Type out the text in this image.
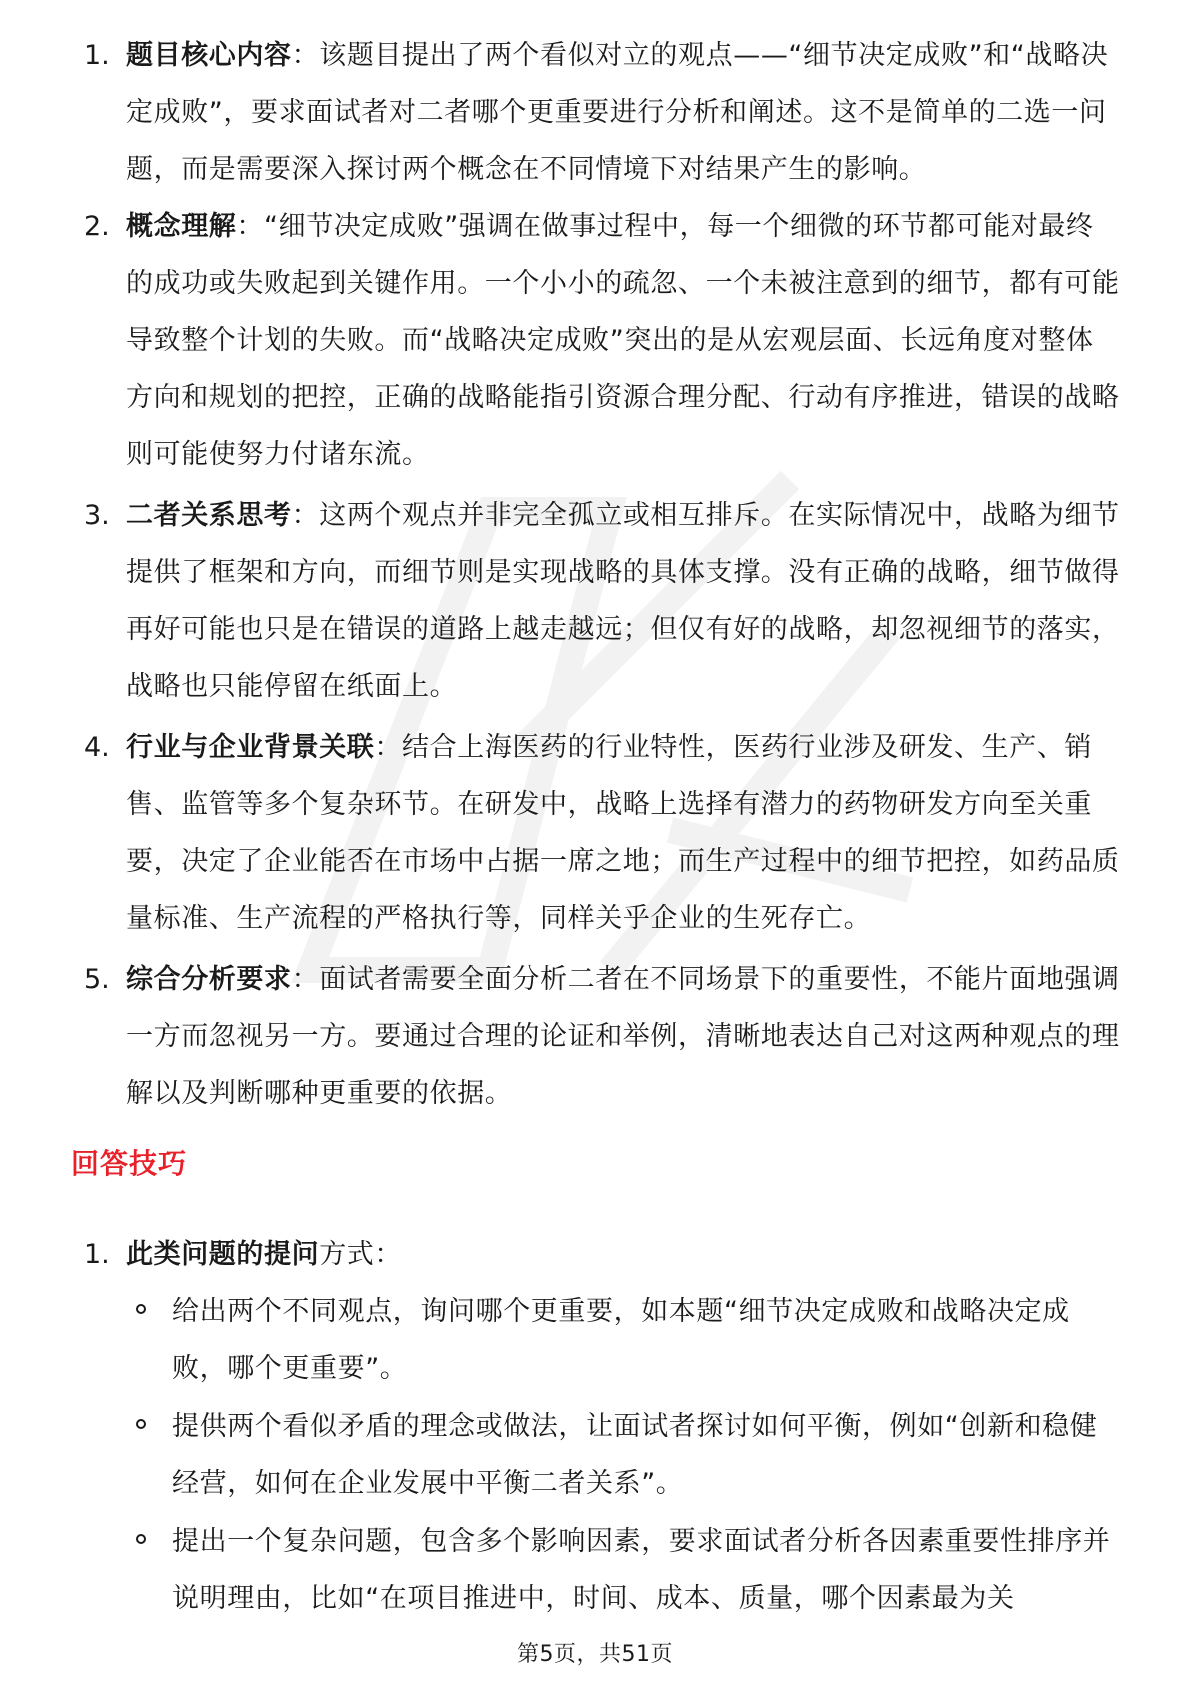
1. 题目核心内容：该题目提出了两个看似对立的观点——“细节决定成败”和“战略决定成败”，要求面试者对二者哪个更重要进行分析和阐述。这不是简单的二选一问题，而是需要深入探讨两个概念在不同情境下对结果产生的影响。
2. 概念理解：“细节决定成败”强调在做事过程中，每一个细微的环节都可能对最终的成功或失败起到关键作用。一个小小的疏忽、一个未被注意到的细节，都有可能导致整个计划的失败。而“战略决定成败”突出的是从宏观层面、长远角度对整体方向和规划的把控，正确的战略能指引资源合理分配、行动有序推进，错误的战略则可能使努力付诸东流。
3. 二者关系思考：这两个观点并非完全孤立或相互排斥。在实际情况中，战略为细节提供了框架和方向，而细节则是实现战略的具体支撑。没有正确的战略，细节做得再好可能也只是在错误的道路上越走越远；但仅有好的战略，却忽视细节的落实，战略也只能停留在纸面上。
4. 行业与企业背景关联：结合上海医药的行业特性，医药行业涉及研发、生产、销售、监管等多个复杂环节。在研发中，战略上选择有潜力的药物研发方向至关重要，决定了企业能否在市场中占据一席之地；而生产过程中的细节把控，如药品质量标准、生产流程的严格执行等，同样关乎企业的生死存亡。
5. 综合分析要求：面试者需要全面分析二者在不同场景下的重要性，不能片面地强调一方而忽视另一方。要通过合理的论证和举例，清晰地表达自己对这两种观点的理解以及判断哪种更重要的依据。
回答技巧
1. 此类问题的提问方式：
给出两个不同观点，询问哪个更重要，如本题“细节决定成败和战略决定成败，哪个更重要”。
提供两个看似矛盾的理念或做法，让面试者探讨如何平衡，例如“创新和稳健经营，如何在企业发展中平衡二者关系”。
提出一个复杂问题，包含多个影响因素，要求面试者分析各因素重要性排序并说明理由，比如“在项目推进中，时间、成本、质量，哪个因素最为关
第5页，共51页
